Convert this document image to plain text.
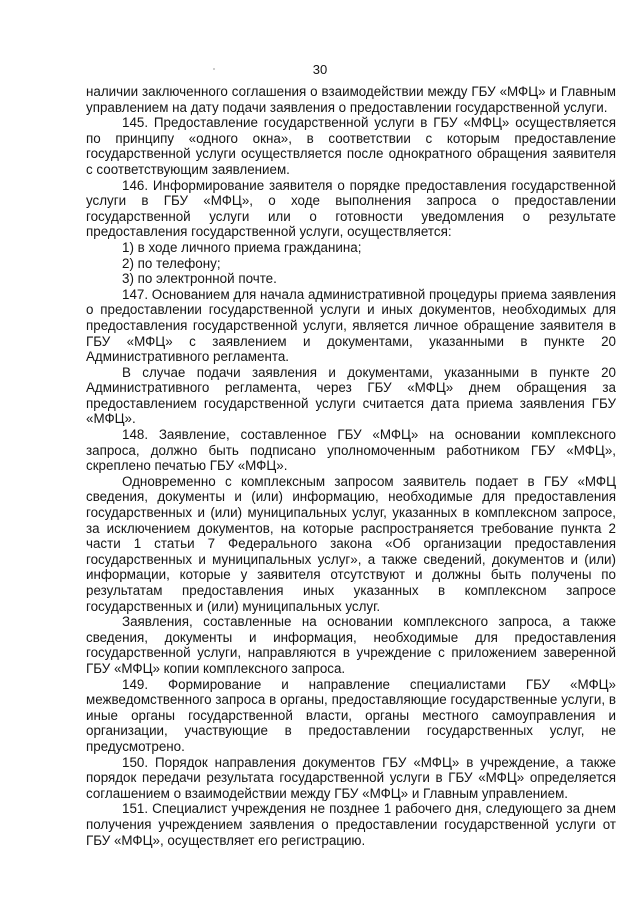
30

наличии заключенного соглашения о взаимодействии между ГБУ «МФЦ» и Главным управлением на дату подачи заявления о предоставлении государственной услуги.

145. Предоставление государственной услуги в ГБУ «МФЦ» осуществляется по принципу «одного окна», в соответствии с которым предоставление государственной услуги осуществляется после однократного обращения заявителя с соответствующим заявлением.

146. Информирование заявителя о порядке предоставления государственной услуги в ГБУ «МФЦ», о ходе выполнения запроса о предоставлении государственной услуги или о готовности уведомления о результате предоставления государственной услуги, осуществляется:

1) в ходе личного приема гражданина;

2) по телефону;

3) по электронной почте.

147. Основанием для начала административной процедуры приема заявления о предоставлении государственной услуги и иных документов, необходимых для предоставления государственной услуги, является личное обращение заявителя в ГБУ «МФЦ» с заявлением и документами, указанными в пункте 20 Административного регламента.

В случае подачи заявления и документами, указанными в пункте 20 Административного регламента, через ГБУ «МФЦ» днем обращения за предоставлением государственной услуги считается дата приема заявления ГБУ «МФЦ».

148. Заявление, составленное ГБУ «МФЦ» на основании комплексного запроса, должно быть подписано уполномоченным работником ГБУ «МФЦ», скреплено печатью ГБУ «МФЦ».

Одновременно с комплексным запросом заявитель подает в ГБУ «МФЦ сведения, документы и (или) информацию, необходимые для предоставления государственных и (или) муниципальных услуг, указанных в комплексном запросе, за исключением документов, на которые распространяется требование пункта 2 части 1 статьи 7 Федерального закона «Об организации предоставления государственных и муниципальных услуг», а также сведений, документов и (или) информации, которые у заявителя отсутствуют и должны быть получены по результатам предоставления иных указанных в комплексном запросе государственных и (или) муниципальных услуг.

Заявления, составленные на основании комплексного запроса, а также сведения, документы и информация, необходимые для предоставления государственной услуги, направляются в учреждение с приложением заверенной ГБУ «МФЦ» копии комплексного запроса.

149. Формирование и направление специалистами ГБУ «МФЦ» межведомственного запроса в органы, предоставляющие государственные услуги, в иные органы государственной власти, органы местного самоуправления и организации, участвующие в предоставлении государственных услуг, не предусмотрено.

150. Порядок направления документов ГБУ «МФЦ» в учреждение, а также порядок передачи результата государственной услуги в ГБУ «МФЦ» определяется соглашением о взаимодействии между ГБУ «МФЦ» и Главным управлением.

151. Специалист учреждения не позднее 1 рабочего дня, следующего за днем получения учреждением заявления о предоставлении государственной услуги от ГБУ «МФЦ», осуществляет его регистрацию.
